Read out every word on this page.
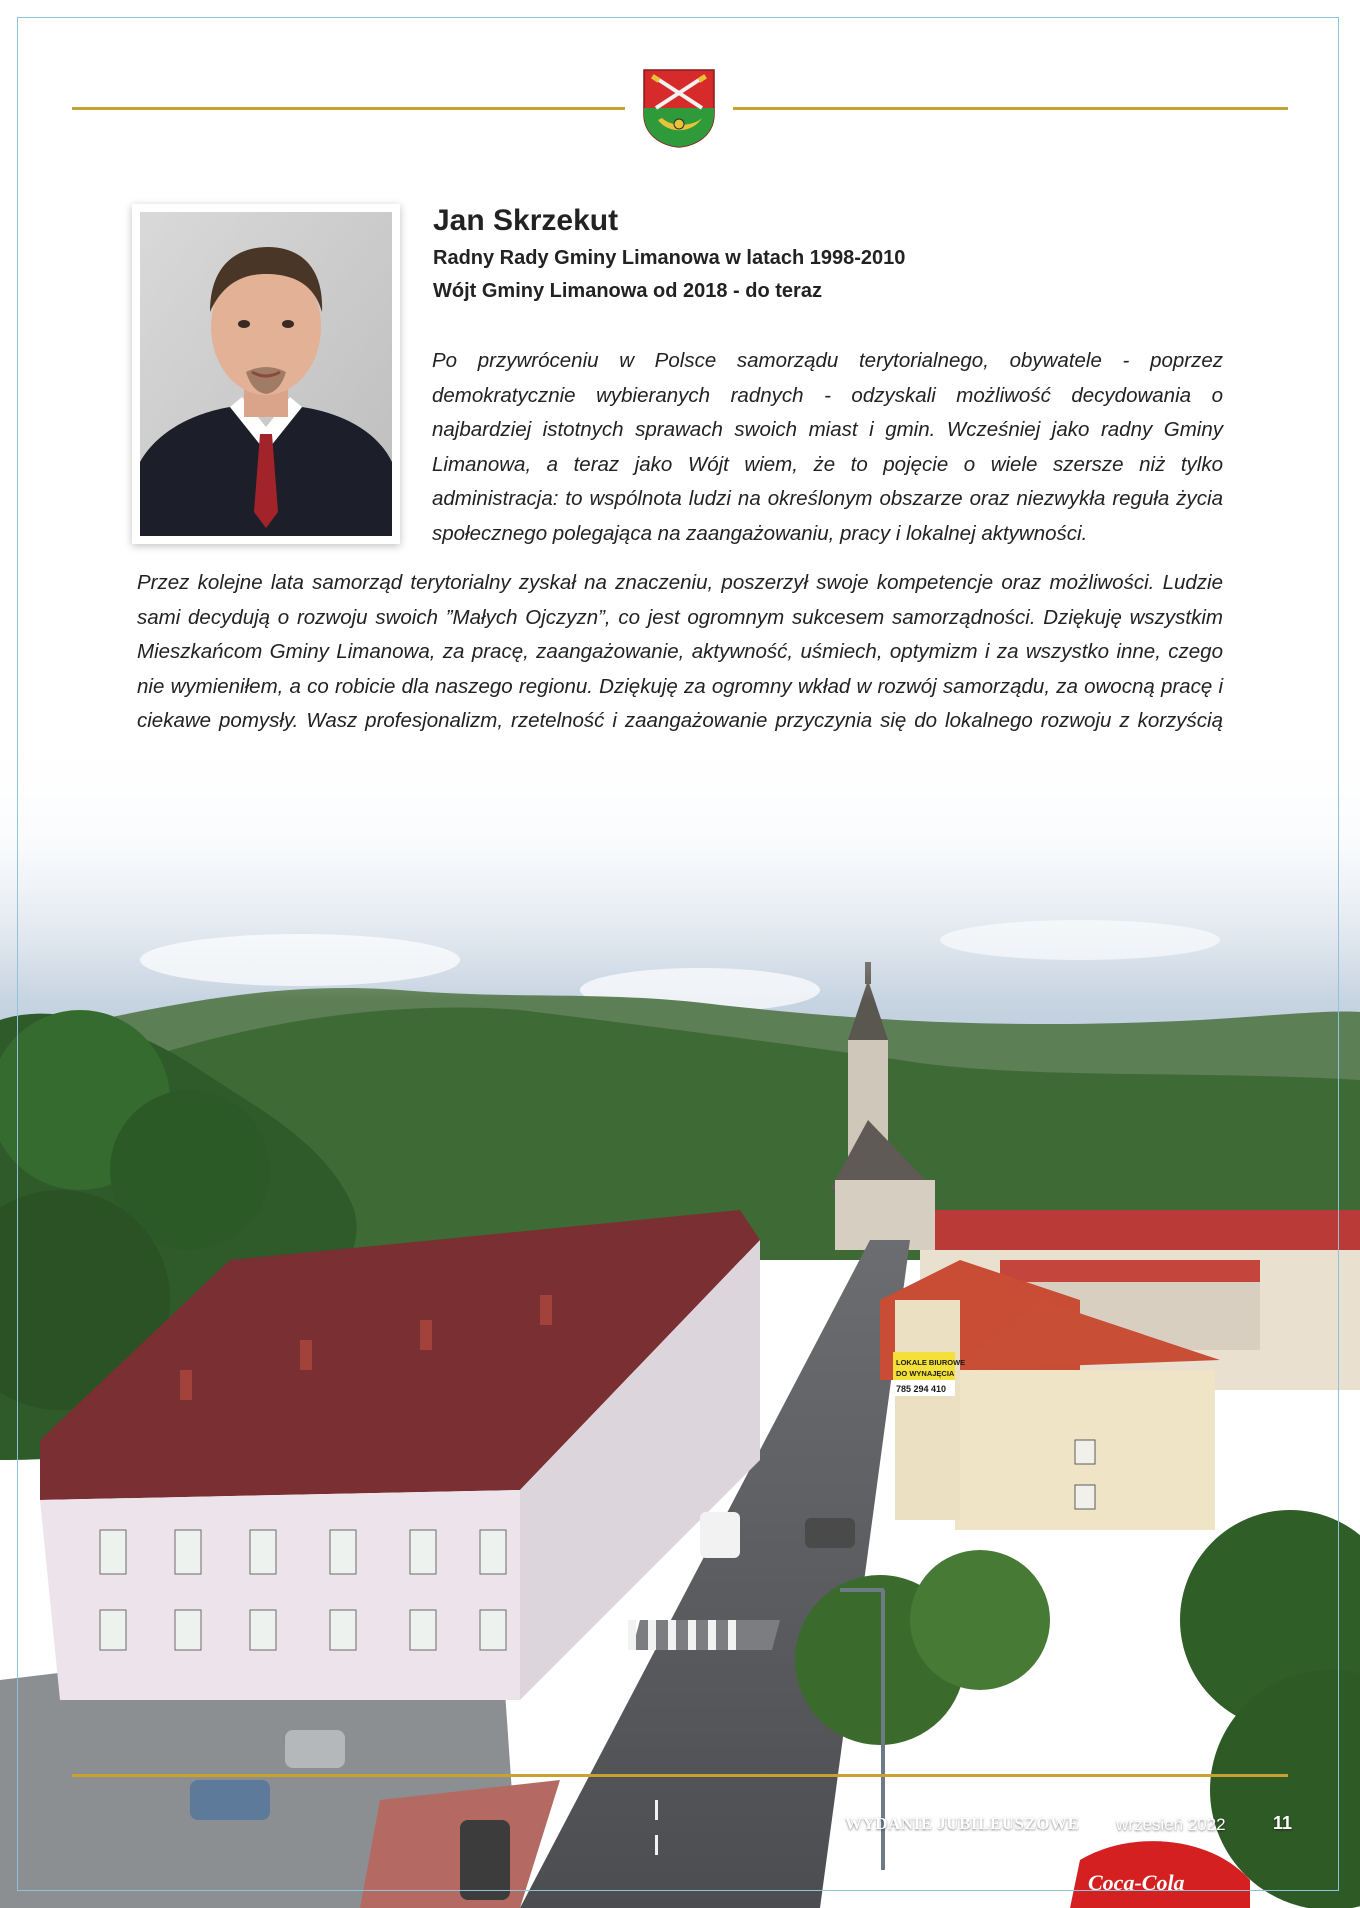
Jan Skrzekut

Radny Rady Gminy Limanowa w latach 1998-2010

Wójt Gminy Limanowa od 2018 - do teraz

Po przywróceniu w Polsce samorządu terytorialnego, obywatele - poprzez demokratycznie wybieranych radnych - odzyskali możliwość decydowania o najbardziej istotnych sprawach swoich miast i gmin. Wcześniej jako radny Gminy Limanowa, a teraz jako Wójt wiem, że to pojęcie o wiele szersze niż tylko administracja: to wspólnota ludzi na określonym obszarze oraz niezwykła reguła życia społecznego polegająca na zaangażowaniu, pracy i lokalnej aktywności.

Przez kolejne lata samorząd terytorialny zyskał na znaczeniu, poszerzył swoje kompetencje oraz możliwości. Ludzie sami decydują o rozwoju swoich ”Małych Ojczyzn”, co jest ogromnym sukcesem samorządności. Dziękuję wszystkim Mieszkańcom Gminy Limanowa, za pracę, zaangażowanie, aktywność, uśmiech, optymizm i za wszystko inne, czego nie wymieniłem, a co robicie dla naszego regionu. Dziękuję za ogromny wkład w rozwój samorządu, za owocną pracę i ciekawe pomysły. Wasz profesjonalizm, rzetelność i zaangażowanie przyczynia się do lokalnego rozwoju z korzyścią

LOKALE BIUROWE
DO WYNAJĘCIA
785 294 410
Coca-Cola
WYDANIE JUBILEUSZOWE wrzesień 2022	11
